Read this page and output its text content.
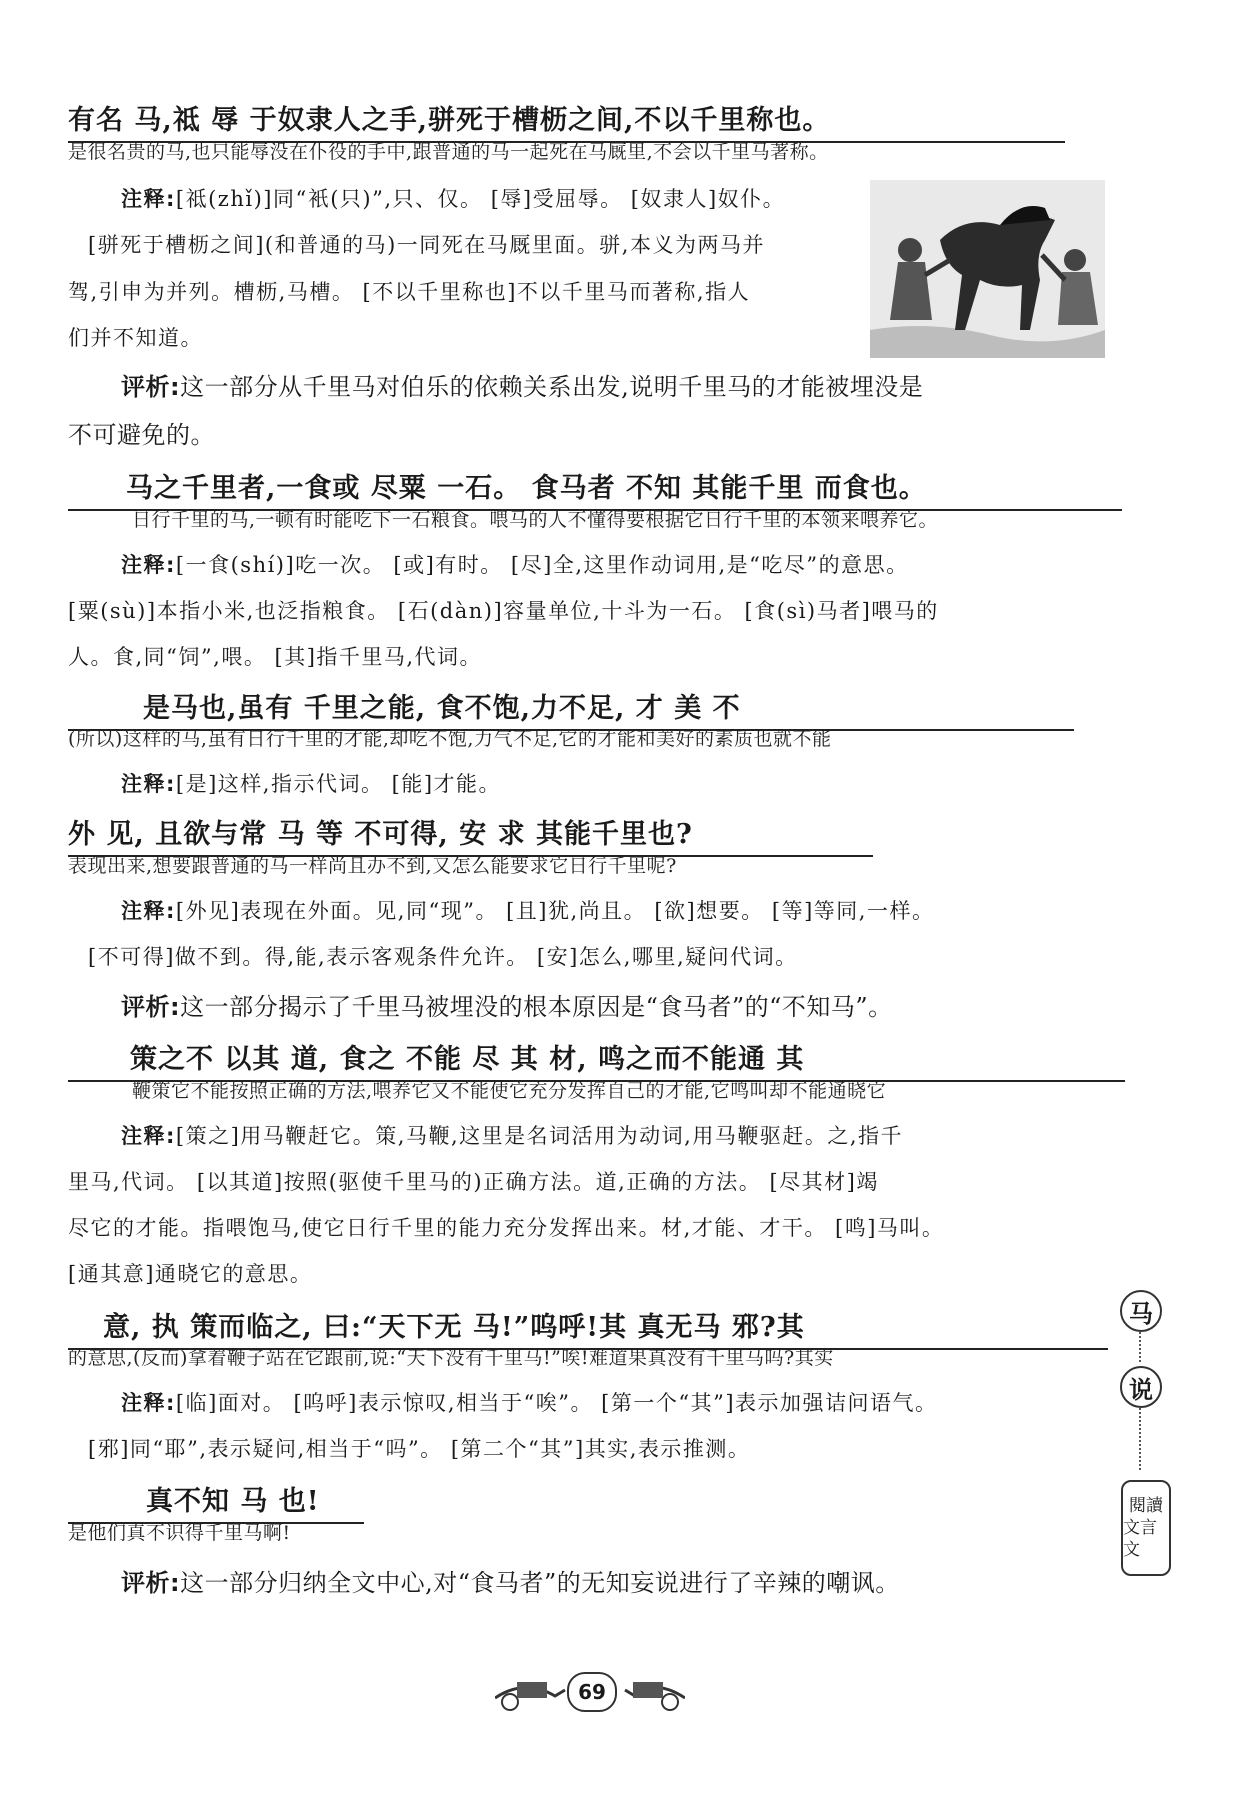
有名 马,祗 辱 于奴隶人之手,骈死于槽枥之间,不以千里称也。
是很名贵的马,也只能辱没在仆役的手中,跟普通的马一起死在马厩里,不会以千里马著称。
注释:[祗(zhǐ)]同“衹(只)”,只、仅。 [辱]受屈辱。 [奴隶人]奴仆。
[骈死于槽枥之间](和普通的马)一同死在马厩里面。骈,本义为两马并
驾,引申为并列。槽枥,马槽。 [不以千里称也]不以千里马而著称,指人
们并不知道。
评析:这一部分从千里马对伯乐的依赖关系出发,说明千里马的才能被埋没是
不可避免的。
马之千里者,一食或 尽粟 一石。 食马者 不知 其能千里 而食也。
日行千里的马,一顿有时能吃下一石粮食。喂马的人不懂得要根据它日行千里的本领来喂养它。
注释:[一食(shí)]吃一次。 [或]有时。 [尽]全,这里作动词用,是“吃尽”的意思。
[粟(sù)]本指小米,也泛指粮食。 [石(dàn)]容量单位,十斗为一石。 [食(sì)马者]喂马的
人。食,同“饲”,喂。 [其]指千里马,代词。
是马也,虽有 千里之能, 食不饱,力不足, 才 美 不
(所以)这样的马,虽有日行千里的才能,却吃不饱,力气不足,它的才能和美好的素质也就不能
注释:[是]这样,指示代词。 [能]才能。
外 见, 且欲与常 马 等 不可得, 安 求 其能千里也?
表现出来,想要跟普通的马一样尚且办不到,又怎么能要求它日行千里呢?
注释:[外见]表现在外面。见,同“现”。 [且]犹,尚且。 [欲]想要。 [等]等同,一样。
[不可得]做不到。得,能,表示客观条件允许。 [安]怎么,哪里,疑问代词。
评析:这一部分揭示了千里马被埋没的根本原因是“食马者”的“不知马”。
策之不 以其 道, 食之 不能 尽 其 材, 鸣之而不能通 其
鞭策它不能按照正确的方法,喂养它又不能使它充分发挥自己的才能,它鸣叫却不能通晓它
注释:[策之]用马鞭赶它。策,马鞭,这里是名词活用为动词,用马鞭驱赶。之,指千
里马,代词。 [以其道]按照(驱使千里马的)正确方法。道,正确的方法。 [尽其材]竭
尽它的才能。指喂饱马,使它日行千里的能力充分发挥出来。材,才能、才干。 [鸣]马叫。
[通其意]通晓它的意思。
意, 执 策而临之, 曰:“天下无 马!”呜呼!其 真无马 邪?其
的意思,(反而)拿着鞭子站在它跟前,说:“天下没有千里马!”唉!难道果真没有千里马吗?其实
注释:[临]面对。 [呜呼]表示惊叹,相当于“唉”。 [第一个“其”]表示加强诘问语气。
[邪]同“耶”,表示疑问,相当于“吗”。 [第二个“其”]其实,表示推测。
真不知 马 也!
是他们真不识得千里马啊!
评析:这一部分归纳全文中心,对“食马者”的无知妄说进行了辛辣的嘲讽。
马
说
閱讀
文言文
69
